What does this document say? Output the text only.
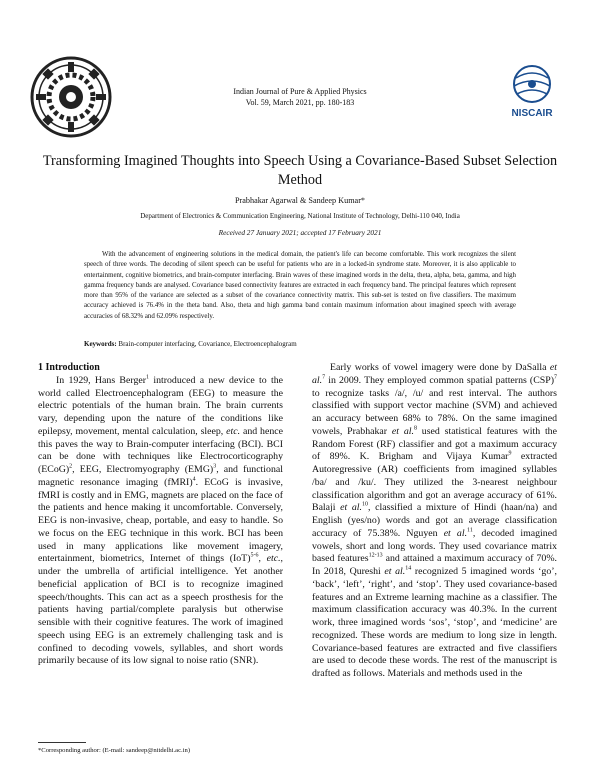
NISCAIR
Indian Journal of Pure & Applied Physics
Vol. 59, March 2021, pp. 180-183
Transforming Imagined Thoughts into Speech Using a Covariance-Based Subset Selection Method
Prabhakar Agarwal & Sandeep Kumar*
Department of Electronics & Communication Engineering, National Institute of Technology, Delhi-110 040, India
Received 27 January 2021; accepted 17 February 2021
With the advancement of engineering solutions in the medical domain, the patient's life can become comfortable. This work recognizes the silent speech of three words. The decoding of silent speech can be useful for patients who are in a locked-in syndrome state. Moreover, it is also applicable to entertainment, cognitive biometrics, and brain-computer interfacing. Brain waves of these imagined words in the delta, theta, alpha, beta, gamma, and high gamma frequency bands are analysed. Covariance based connectivity features are extracted in each frequency band. The principal features which represent more than 95% of the variance are selected as a subset of the covariance connectivity matrix. This sub-set is tested on five classifiers. The maximum accuracy achieved is 76.4% in the theta band. Also, theta and high gamma band contain maximum information about imagined speech with average accuracies of 68.32% and 62.09% respectively.
Keywords: Brain-computer interfacing, Covariance, Electroencephalogram
1 Introduction

In 1929, Hans Berger$^1$ introduced a new device to the world called Electroencephalogram (EEG) to measure the electric potentials of the human brain. The brain currents vary, depending upon the nature of the conditions like epilepsy, movement, mental calculation, sleep, etc. and hence this paves the way to Brain-computer interfacing (BCI). BCI can be done with techniques like Electrocorticography (ECoG)$^2$, EEG, Electromyography (EMG)$^3$, and functional magnetic resonance imaging (fMRI)$^4$. ECoG is invasive, fMRI is costly and in EMG, magnets are placed on the face of the patients and hence making it uncomfortable. Conversely, EEG is non-invasive, cheap, portable, and easy to handle. So we focus on the EEG technique in this work. BCI has been used in many applications like movement imagery, entertainment, biometrics, Internet of things (IoT)$^{5-6}$, etc., under the umbrella of artificial intelligence. Yet another beneficial application of BCI is to recognize imagined speech/thoughts. This can act as a speech prosthesis for the patients having partial/complete paralysis but otherwise sensible with their cognitive features. The work of imagined speech using EEG is an extremely challenging task and is confined to decoding vowels, syllables, and short words primarily because of its low signal to noise ratio (SNR).

Early works of vowel imagery were done by DaSalla et al.$^7$ in 2009. They employed common spatial patterns (CSP)$^7$ to recognize tasks /a/, /u/ and rest interval. The authors classified with support vector machine (SVM) and achieved an accuracy between 68% to 78%. On the same imagined vowels, Prabhakar et al.$^8$ used statistical features with the Random Forest (RF) classifier and got a maximum accuracy of 89%. K. Brigham and Vijaya Kumar$^9$ extracted Autoregressive (AR) coefficients from imagined syllables /ba/ and /ku/. They utilized the 3-nearest neighbour classification algorithm and got an average accuracy of 61%. Balaji et al.$^{10}$, classified a mixture of Hindi (haan/na) and English (yes/no) words and got an average classification accuracy of 75.38%. Nguyen et al.$^{11}$, decoded imagined vowels, short and long words. They used covariance matrix based features$^{12-13}$ and attained a maximum accuracy of 70%. In 2018, Qureshi et al.$^{14}$ recognized 5 imagined words ‘go’, ‘back’, ‘left’, ‘right’, and ‘stop’. They used covariance-based features and an Extreme learning machine as a classifier. The maximum classification accuracy was 40.3%. In the current work, three imagined words ‘sos’, ‘stop’, and ‘medicine’ are recognized. These words are medium to long size in length. Covariance-based features are extracted and five classifiers are used to decode these words. The rest of the manuscript is drafted as follows. Materials and methods used in the

*Corresponding author: (E-mail: sandeep@nitdelhi.ac.in)
